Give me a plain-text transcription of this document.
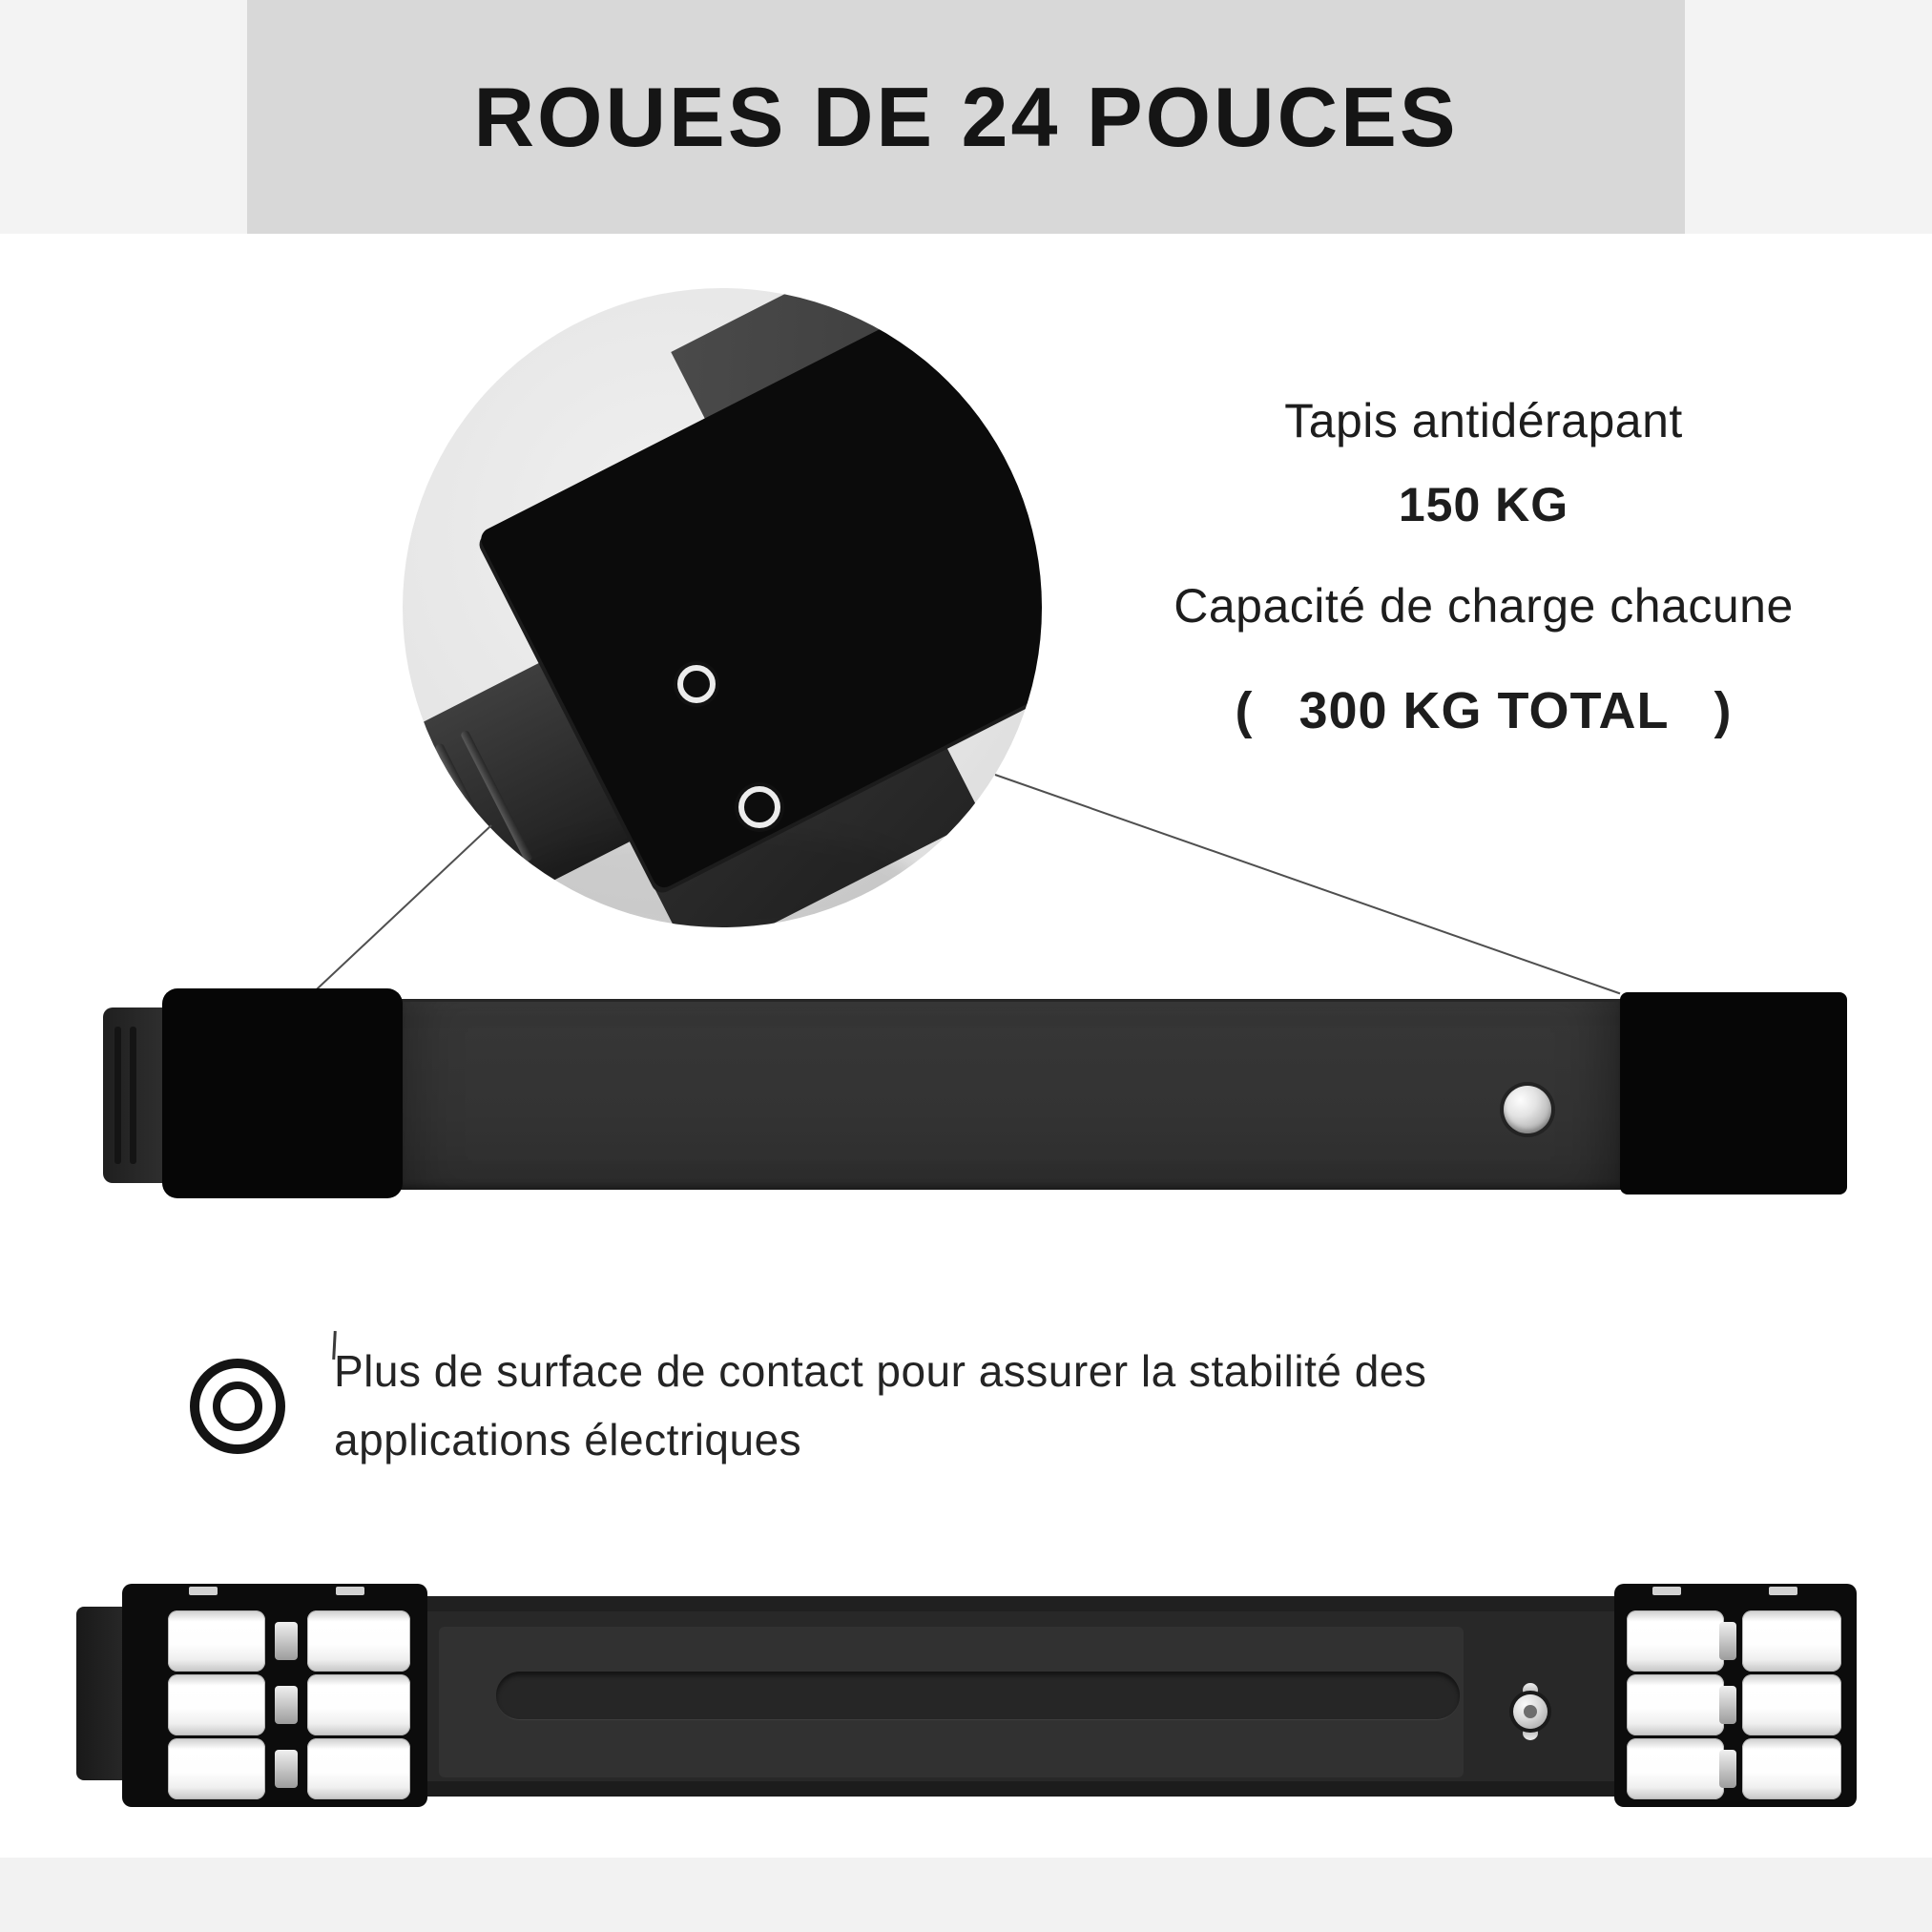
ROUES DE 24 POUCES
Tapis antidérapant
150 KG
Capacité de charge chacune
(   300 KG TOTAL   )
Plus de surface de contact pour assurer la stabilité des
applications électriques
